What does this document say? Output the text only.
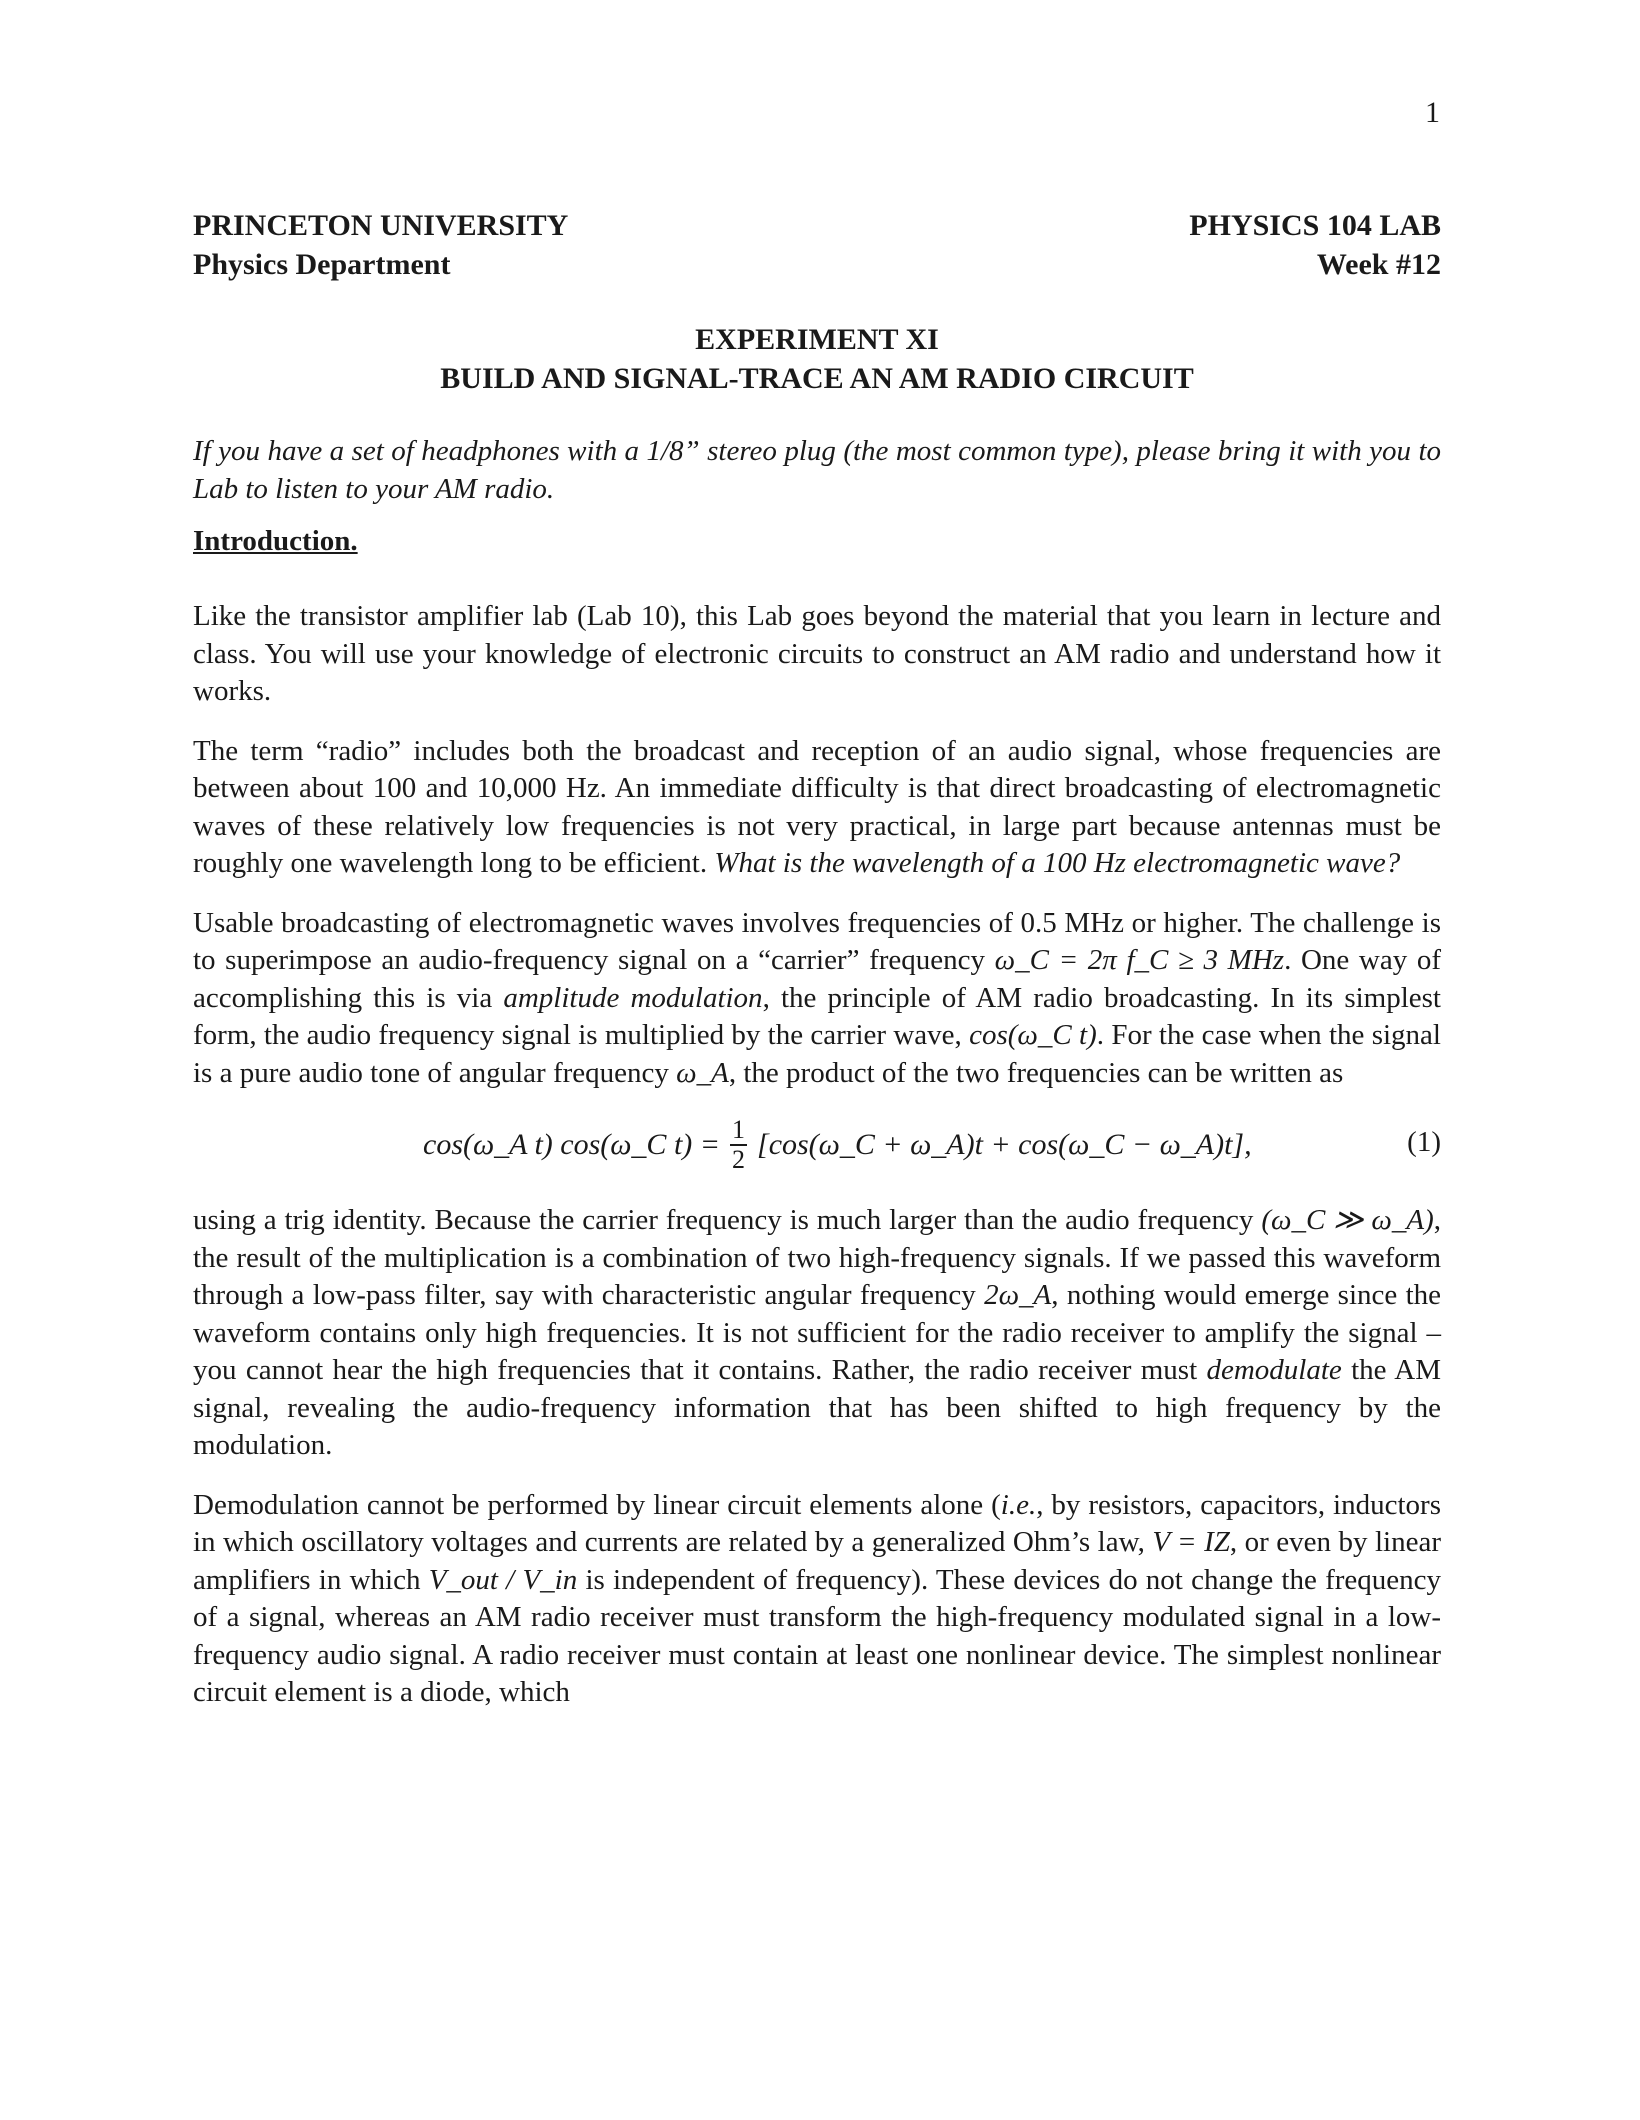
1
PRINCETON UNIVERSITY
Physics Department
PHYSICS 104 LAB
Week #12
EXPERIMENT XI
BUILD AND SIGNAL-TRACE AN AM RADIO CIRCUIT
If you have a set of headphones with a 1/8” stereo plug (the most common type), please bring it with you to Lab to listen to your AM radio.
Introduction.

Like the transistor amplifier lab (Lab 10), this Lab goes beyond the material that you learn in lecture and class. You will use your knowledge of electronic circuits to construct an AM radio and understand how it works.

The term “radio” includes both the broadcast and reception of an audio signal, whose frequencies are between about 100 and 10,000 Hz. An immediate difficulty is that direct broadcasting of electromagnetic waves of these relatively low frequencies is not very practical, in large part because antennas must be roughly one wavelength long to be efficient. What is the wavelength of a 100 Hz electromagnetic wave?

Usable broadcasting of electromagnetic waves involves frequencies of 0.5 MHz or higher. The challenge is to superimpose an audio-frequency signal on a “carrier” frequency ω_C = 2π f_C ≥ 3 MHz. One way of accomplishing this is via amplitude modulation, the principle of AM radio broadcasting. In its simplest form, the audio frequency signal is multiplied by the carrier wave, cos(ω_C t). For the case when the signal is a pure audio tone of angular frequency ω_A, the product of the two frequencies can be written as

cos(ω_A t) cos(ω_C $t) = \frac{1}{2}$ [cos(ω_C + ω_A)t + cos(ω_C − ω_A)t],	(1)

using a trig identity. Because the carrier frequency is much larger than the audio frequency (ω_C ≫ ω_A), the result of the multiplication is a combination of two high-frequency signals. If we passed this waveform through a low-pass filter, say with characteristic angular frequency 2ω_A, nothing would emerge since the waveform contains only high frequencies. It is not sufficient for the radio receiver to amplify the signal – you cannot hear the high frequencies that it contains. Rather, the radio receiver must demodulate the AM signal, revealing the audio-frequency information that has been shifted to high frequency by the modulation.

Demodulation cannot be performed by linear circuit elements alone (i.e., by resistors, capacitors, inductors in which oscillatory voltages and currents are related by a generalized Ohm’s law, V = IZ, or even by linear amplifiers in which V_out / V_in is independent of frequency). These devices do not change the frequency of a signal, whereas an AM radio receiver must transform the high-frequency modulated signal in a low-frequency audio signal. A radio receiver must contain at least one nonlinear device. The simplest nonlinear circuit element is a diode, which
